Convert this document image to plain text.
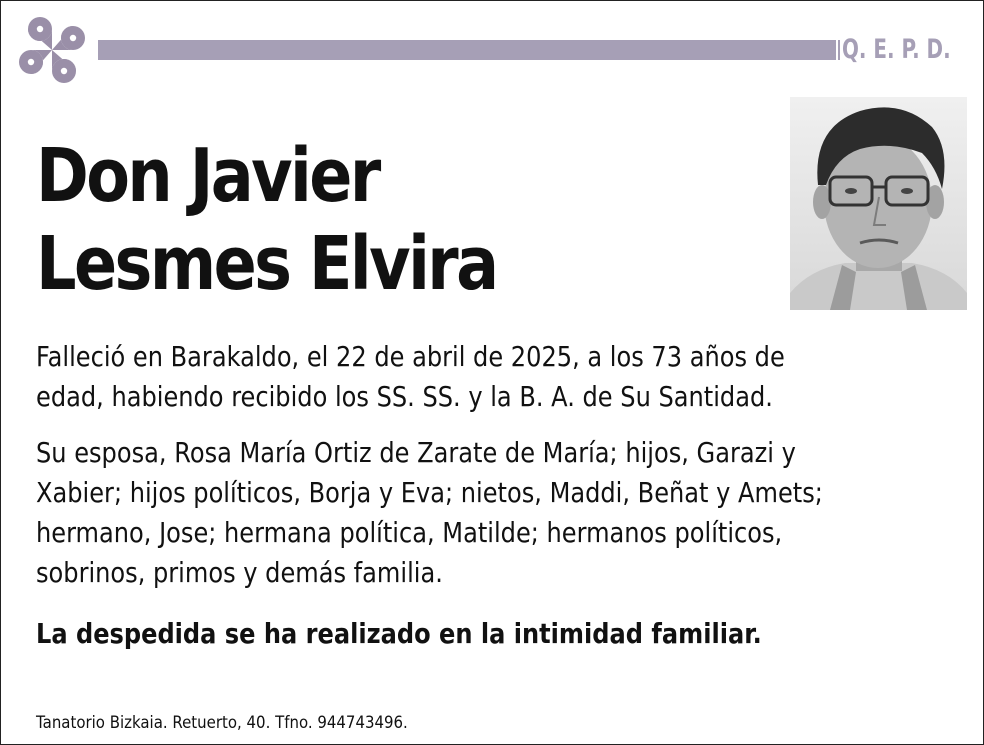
Q. E. P. D.
Don Javier
Lesmes Elvira
Falleció en Barakaldo, el 22 de abril de 2025, a los 73 años de
edad, habiendo recibido los SS. SS. y la B. A. de Su Santidad.
Su esposa, Rosa María Ortiz de Zarate de María; hijos, Garazi y
Xabier; hijos políticos, Borja y Eva; nietos, Maddi, Beñat y Amets;
hermano, Jose; hermana política, Matilde; hermanos políticos,
sobrinos, primos y demás familia.
La despedida se ha realizado en la intimidad familiar.
Tanatorio Bizkaia. Retuerto, 40. Tfno. 944743496.
